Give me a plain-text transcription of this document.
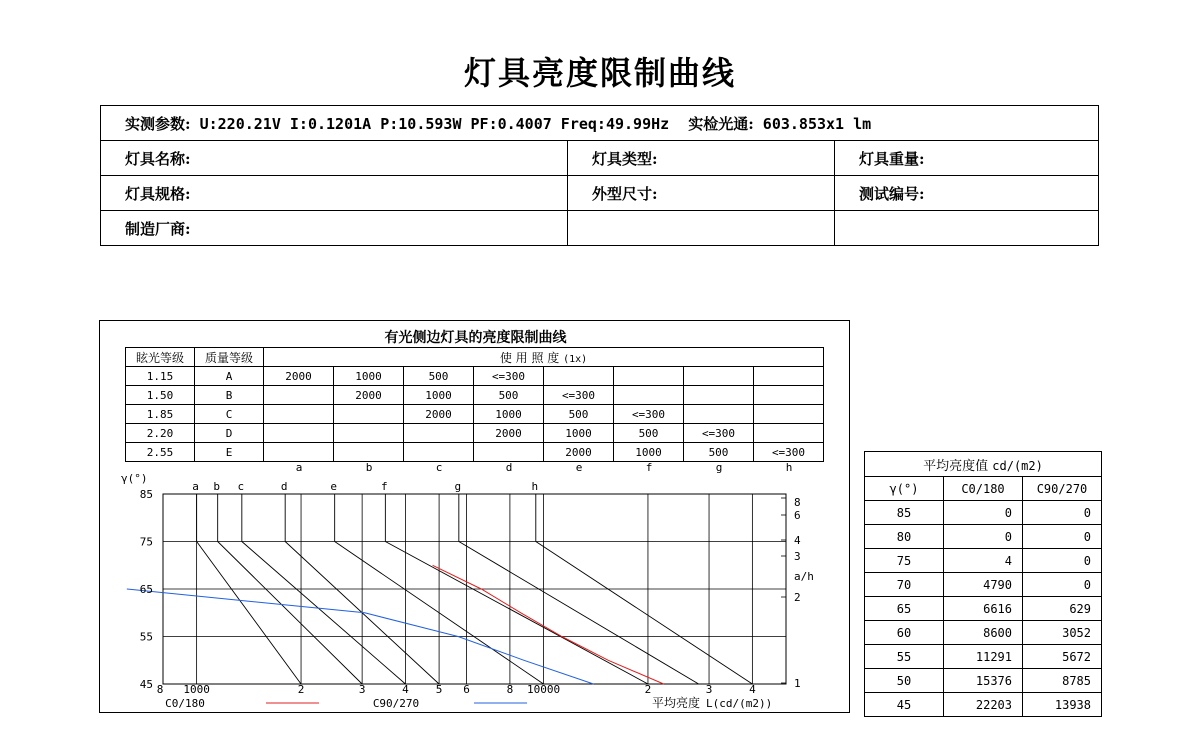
灯具亮度限制曲线
实测参数: U:220.21V I:0.1201A P:10.593W PF:0.4007 Freq:49.99Hz 实检光通: 603.853x1 lm		
灯具名称:	灯具类型:	灯具重量:
灯具规格:	外型尺寸:	测试编号:
制造厂商:		
有光侧边灯具的亮度限制曲线
眩光等级	质量等级	使 用 照 度 (1x)							
1.15	A	2000	1000	500	<=300				
1.50	B		2000	1000	500	<=300			
1.85	C			2000	1000	500	<=300		
2.20	D				2000	1000	500	<=300	
2.55	E					2000	1000	500	<=300
a	b	c	d	e	f	g	h
a b c	d	e	f	g	h
85
75
65
55
45
γ(°)
8 1000	2	3	4 5 6	8 10000	2	3	4
8
6
4
3
2
1
a/h
C0/180	C90/270	平均亮度 L(cd/(m2))
平均亮度值 cd/(m2)		
γ(°)	C0/180	C90/270
85	0	0
80	0	0
75	4	0
70	4790	0
65	6616	629
60	8600	3052
55	11291	5672
50	15376	8785
45	22203	13938
